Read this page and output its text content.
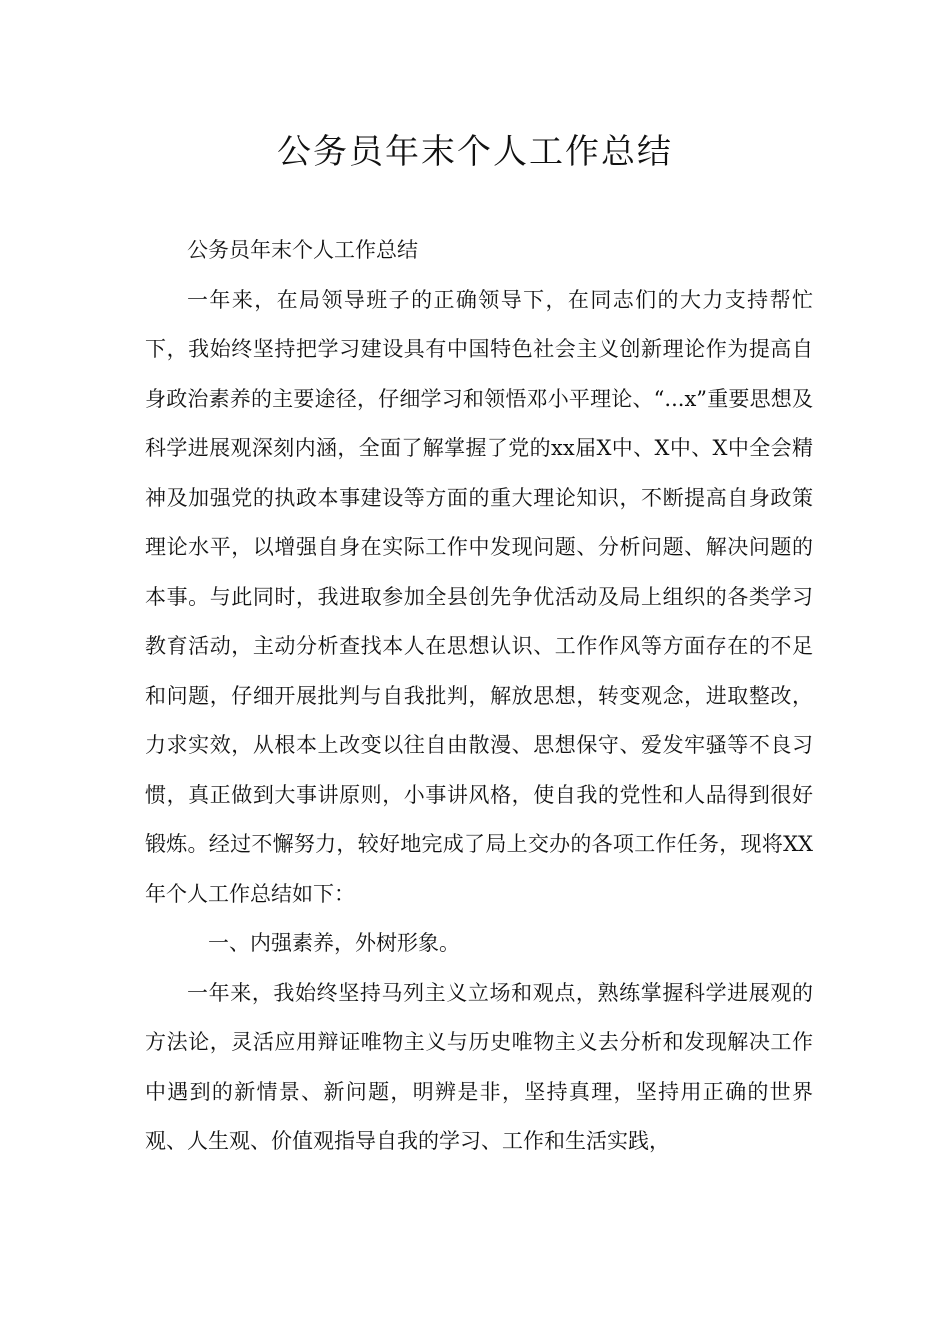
公务员年末个人工作总结

公务员年末个人工作总结

一年来，在局领导班子的正确领导下，在同志们的大力支持帮忙下，我始终坚持把学习建设具有中国特色社会主义创新理论作为提高自身政治素养的主要途径，仔细学习和领悟邓小平理论、“...x”重要思想及科学进展观深刻内涵，全面了解掌握了党的xx届X中、X中、X中全会精神及加强党的执政本事建设等方面的重大理论知识，不断提高自身政策理论水平，以增强自身在实际工作中发现问题、分析问题、解决问题的本事。与此同时，我进取参加全县创先争优活动及局上组织的各类学习教育活动，主动分析查找本人在思想认识、工作作风等方面存在的不足和问题，仔细开展批判与自我批判，解放思想，转变观念，进取整改，力求实效，从根本上改变以往自由散漫、思想保守、爱发牢骚等不良习惯，真正做到大事讲原则，小事讲风格，使自我的党性和人品得到很好锻炼。经过不懈努力，较好地完成了局上交办的各项工作任务，现将XX年个人工作总结如下：

一、内强素养，外树形象。

一年来，我始终坚持马列主义立场和观点，熟练掌握科学进展观的方法论，灵活应用辩证唯物主义与历史唯物主义去分析和发现解决工作中遇到的新情景、新问题，明辨是非，坚持真理，坚持用正确的世界观、人生观、价值观指导自我的学习、工作和生活实践，
